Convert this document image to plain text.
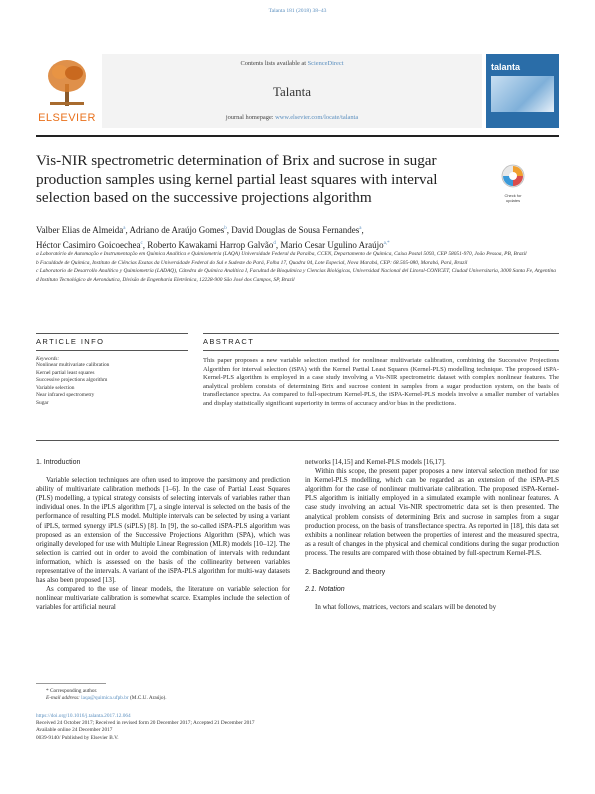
Talanta 181 (2018) 38–43
ELSEVIER
Contents lists available at ScienceDirect
Talanta
journal homepage: www.elsevier.com/locate/talanta
talanta
Vis-NIR spectrometric determination of Brix and sucrose in sugar production samples using kernel partial least squares with interval selection based on the successive projections algorithm	Check for updates
Valber Elias de Almeida$^a$, Adriano de Araújo Gomes$^b$, David Douglas de Sousa Fernandes$^a$,
Héctor Casimiro Goicoechea$^c$, Roberto Kawakami Harrop Galvão$^d$, Mario Cesar Ugulino Araújo$^{a,*}$
a Laboratório de Automação e Instrumentação em Química Analítica e Quimiometria (LAQA) Universidade Federal da Paraíba, CCEN, Departamento de Química, Caixa Postal 5093, CEP 58051-970, João Pessoa, PB, Brazil
b Faculdade de Química, Instituto de Ciências Exatas da Universidade Federal do Sul e Sudeste do Pará, Folha 17, Quadra 04, Lote Especial, Nova Marabá, CEP: 68.505-080, Marabá, Pará, Brazil
c Laboratorio de Desarrollo Analítico y Quimiometría (LADAQ), Cátedra de Química Analítica I, Facultad de Bioquímica y Ciencias Biológicas, Universidad Nacional del Litoral-CONICET, Ciudad Universitaria, 3000 Santa Fe, Argentina
d Instituto Tecnológico de Aeronáutica, Divisão de Engenharia Eletrônica, 12228-900 São José dos Campos, SP, Brazil
ARTICLE INFO	ABSTRACT
Keywords:
Nonlinear multivariate calibration
Kernel partial least squares
Successive projections algorithm
Variable selection
Near infrared spectrometry
Sugar
This paper proposes a new variable selection method for nonlinear multivariate calibration, combining the Successive Projections Algorithm for interval selection (iSPA) with the Kernel Partial Least Squares (Kernel-PLS) modelling technique. The proposed iSPA-Kernel-PLS algorithm is employed in a case study involving a Vis-NIR spectrometric dataset with complex nonlinear features. The analytical problem consists of determining Brix and sucrose content in samples from a sugar production system, on the basis of transflectance spectra. As compared to full-spectrum Kernel-PLS, the iSPA-Kernel-PLS models involve a smaller number of variables and display statistically significant superiority in terms of accuracy and/or bias in the predictions.
1. Introduction

Variable selection techniques are often used to improve the parsimony and prediction ability of multivariate calibration methods [1–6]. In the case of Partial Least Squares (PLS) modelling, a typical strategy consists of selecting intervals of variables rather than individual ones. In the iPLS algorithm [7], a single interval is selected on the basis of the performance of resulting PLS model. Multiple intervals can be selected by using a variant of iPLS, termed synergy iPLS (siPLS) [8]. In [9], the so-called iSPA-PLS algorithm was proposed as an extension of the Successive Projections Algorithm (SPA), which was originally developed for use with Multiple Linear Regression (MLR) models [10–12]. The selection is carried out in order to avoid the combination of intervals with redundant information, which is assessed on the basis of the collinearity between variables representative of the intervals. A variant of the iSPA-PLS algorithm for multi-way datasets has also been proposed [13].

As compared to the use of linear models, the literature on variable selection for nonlinear multivariate calibration is somewhat scarce. Examples include the selection of variables for artificial neural

networks [14,15] and Kernel-PLS models [16,17].

Within this scope, the present paper proposes a new interval selection method for use in Kernel-PLS modelling, which can be regarded as an extension of the iSPA-PLS algorithm for the case of nonlinear multivariate calibration. The proposed iSPA-Kernel-PLS algorithm is initially employed in a simulated example with nonlinear features. A case study involving an actual Vis-NIR spectrometric data set is then presented. The analytical problem consists of determining Brix and sucrose in samples from a sugar production process, on the basis of transflectance spectra. As reported in [18], this data set exhibits a nonlinear relation between the properties of interest and the measured spectra, as a result of changes in the physical and chemical conditions during the sugar production process. The results are compared with those obtained by full-spectrum Kernel-PLS.

2. Background and theory
2.1. Notation

In what follows, matrices, vectors and scalars will be denoted by

* Corresponding author.
E-mail address: laqa@quimica.ufpb.br (M.C.U. Araújo).
https://doi.org/10.1016/j.talanta.2017.12.064
Received 24 October 2017; Received in revised form 20 December 2017; Accepted 21 December 2017
Available online 24 December 2017
0039-9140/ Published by Elsevier B.V.
